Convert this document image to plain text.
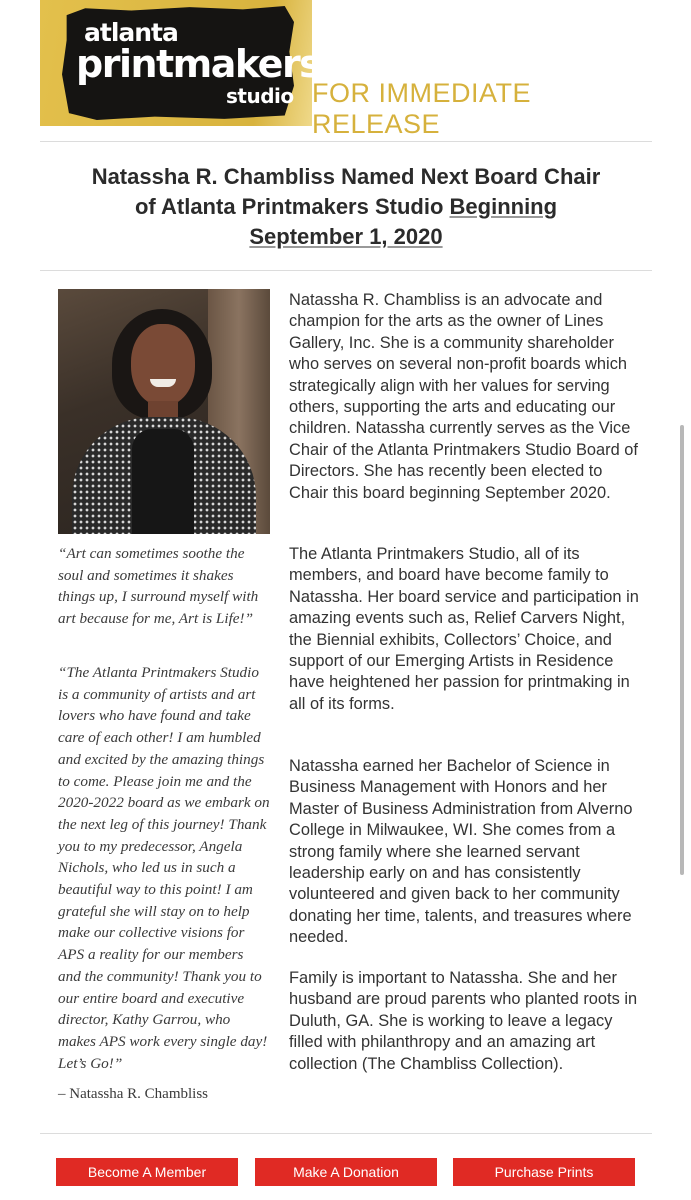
atlanta
printmakers
studio FOR IMMEDIATE RELEASE
Natassha R. Chambliss Named Next Board Chair
of Atlanta Printmakers Studio Beginning
September 1, 2020
“Art can sometimes soothe the soul and sometimes it shakes things up, I surround myself with art because for me, Art is Life!”
“The Atlanta Printmakers Studio is a community of artists and art lovers who have found and take care of each other! I am humbled and excited by the amazing things to come. Please join me and the 2020-2022 board as we embark on the next leg of this journey! Thank you to my predecessor, Angela Nichols, who led us in such a beautiful way to this point! I am grateful she will stay on to help make our collective visions for APS a reality for our members and the community! Thank you to our entire board and executive director, Kathy Garrou, who makes APS work every single day! Let’s Go!”
– Natassha R. Chambliss
Natassha R. Chambliss is an advocate and champion for the arts as the owner of Lines Gallery, Inc. She is a community shareholder who serves on several non-profit boards which strategically align with her values for serving others, supporting the arts and educating our children. Natassha currently serves as the Vice Chair of the Atlanta Printmakers Studio Board of Directors. She has recently been elected to Chair this board beginning September 2020.
The Atlanta Printmakers Studio, all of its members, and board have become family to Natassha. Her board service and participation in amazing events such as, Relief Carvers Night, the Biennial exhibits, Collectors’ Choice, and support of our Emerging Artists in Residence have heightened her passion for printmaking in all of its forms.
Natassha earned her Bachelor of Science in Business Management with Honors and her Master of Business Administration from Alverno College in Milwaukee, WI. She comes from a strong family where she learned servant leadership early on and has consistently volunteered and given back to her community donating her time, talents, and treasures where needed.
Family is important to Natassha. She and her husband are proud parents who planted roots in Duluth, GA. She is working to leave a legacy filled with philanthropy and an amazing art collection (The Chambliss Collection).
Become A Member	Make A Donation	Purchase Prints
